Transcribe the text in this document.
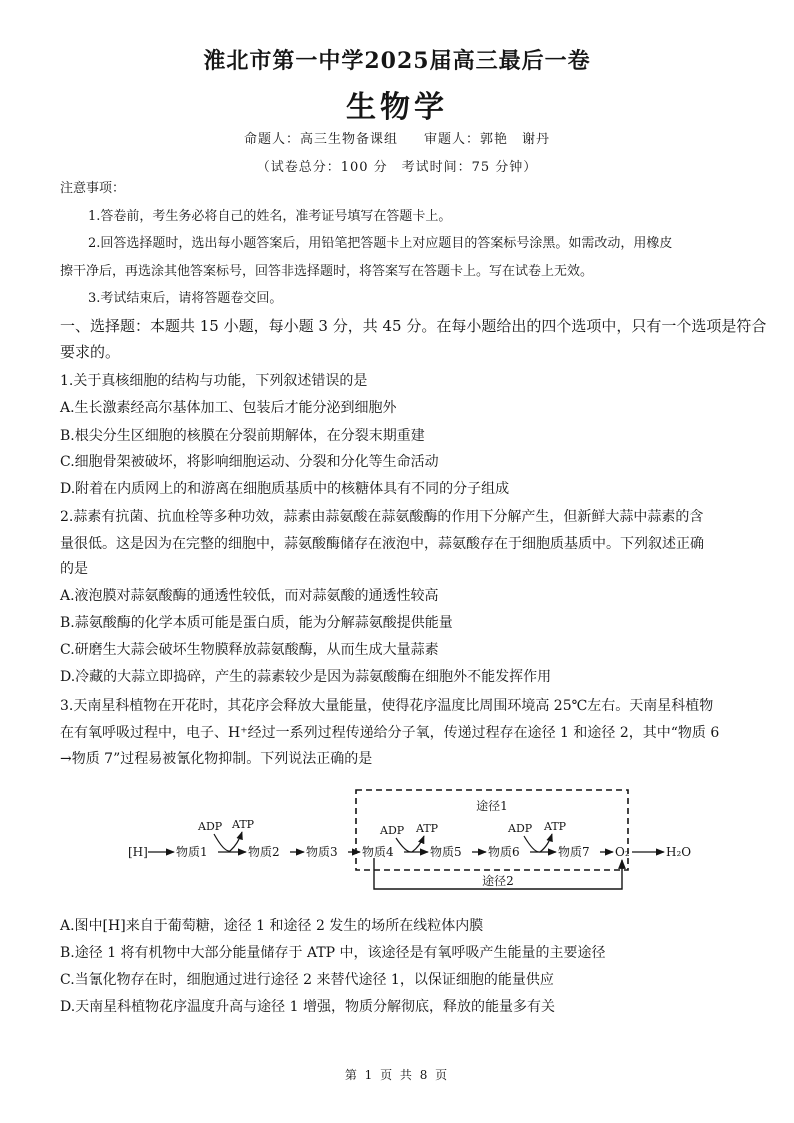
淮北市第一中学2025届高三最后一卷
生物学
命题人：高三生物备课组 审题人：郭艳　谢丹
（试卷总分：100 分　考试时间：75 分钟）
注意事项：
1.答卷前，考生务必将自己的姓名，准考证号填写在答题卡上。
2.回答选择题时，选出每小题答案后，用铅笔把答题卡上对应题目的答案标号涂黑。如需改动，用橡皮
擦干净后，再选涂其他答案标号，回答非选择题时，将答案写在答题卡上。写在试卷上无效。
3.考试结束后，请将答题卷交回。
一、选择题：本题共 15 小题，每小题 3 分，共 45 分。在每小题给出的四个选项中，只有一个选项是符合
要求的。
1.关于真核细胞的结构与功能，下列叙述错误的是
A.生长激素经高尔基体加工、包装后才能分泌到细胞外
B.根尖分生区细胞的核膜在分裂前期解体，在分裂末期重建
C.细胞骨架被破坏，将影响细胞运动、分裂和分化等生命活动
D.附着在内质网上的和游离在细胞质基质中的核糖体具有不同的分子组成
2.蒜素有抗菌、抗血栓等多种功效，蒜素由蒜氨酸在蒜氨酸酶的作用下分解产生，但新鲜大蒜中蒜素的含
量很低。这是因为在完整的细胞中，蒜氨酸酶储存在液泡中，蒜氨酸存在于细胞质基质中。下列叙述正确
的是
A.液泡膜对蒜氨酸酶的通透性较低，而对蒜氨酸的通透性较高
B.蒜氨酸酶的化学本质可能是蛋白质，能为分解蒜氨酸提供能量
C.研磨生大蒜会破坏生物膜释放蒜氨酸酶，从而生成大量蒜素
D.冷藏的大蒜立即捣碎，产生的蒜素较少是因为蒜氨酸酶在细胞外不能发挥作用
3.天南星科植物在开花时，其花序会释放大量能量，使得花序温度比周围环境高 25℃左右。天南星科植物
在有氧呼吸过程中，电子、H⁺经过一系列过程传递给分子氧，传递过程存在途径 1 和途径 2，其中“物质 6
→物质 7”过程易被氰化物抑制。下列说法正确的是
途径1
途径2
[H] 物质1	物质2 物质3 物质4	物质5 物质6	物质7 O₂	H₂O
ADP ATP	ADP ATP	ADP ATP
A.图中[H]来自于葡萄糖，途径 1 和途径 2 发生的场所在线粒体内膜
B.途径 1 将有机物中大部分能量储存于 ATP 中，该途径是有氧呼吸产生能量的主要途径
C.当氰化物存在时，细胞通过进行途径 2 来替代途径 1，以保证细胞的能量供应
D.天南星科植物花序温度升高与途径 1 增强，物质分解彻底，释放的能量多有关
第 1 页 共 8 页
